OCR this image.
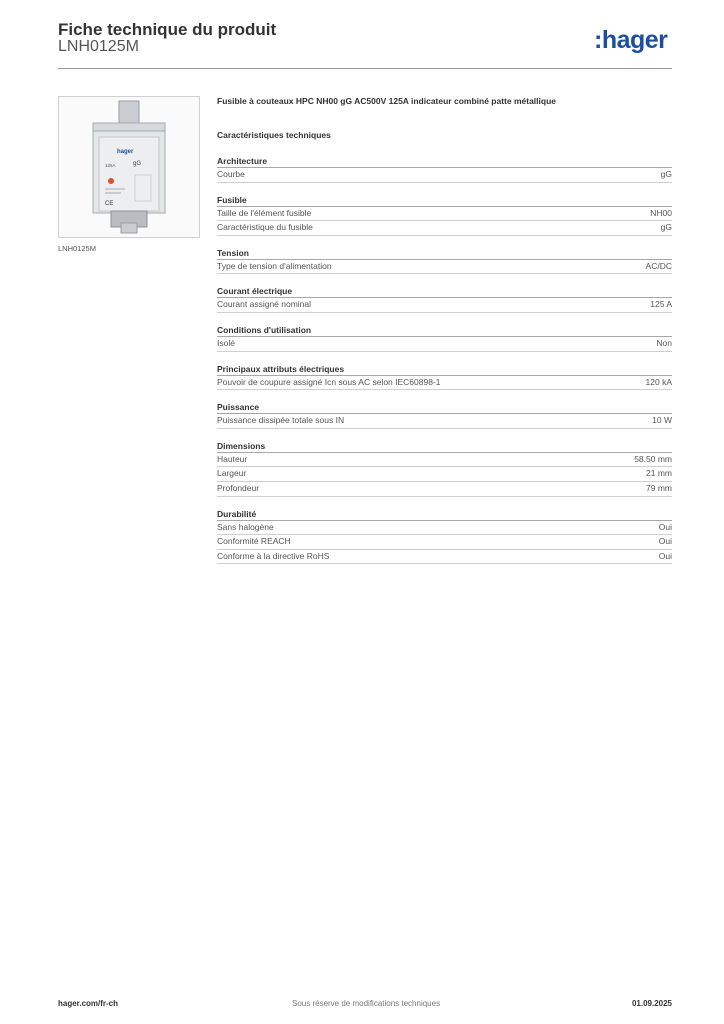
Fiche technique du produit
LNH0125M	:hager
hager
gG
125A
CE
LNH0125M
Fusible à couteaux HPC NH00 gG AC500V 125A indicateur combiné patte métallique
Caractéristiques techniques
Architecture
Courbe	gG
Fusible
Taille de l'élément fusible	NH00
Caractéristique du fusible	gG
Tension
Type de tension d'alimentation	AC/DC
Courant électrique
Courant assigné nominal	125 A
Conditions d'utilisation
Isolé	Non
Principaux attributs électriques
Pouvoir de coupure assigné Icn sous AC selon IEC60898-1	120 kA
Puissance
Puissance dissipée totale sous IN	10 W
Dimensions
Hauteur	58.50 mm
Largeur	21 mm
Profondeur	79 mm
Durabilité
Sans halogène	Oui
Conformité REACH	Oui
Conforme à la directive RoHS	Oui
hager.com/fr-ch	Sous réserve de modifications techniques	01.09.2025
